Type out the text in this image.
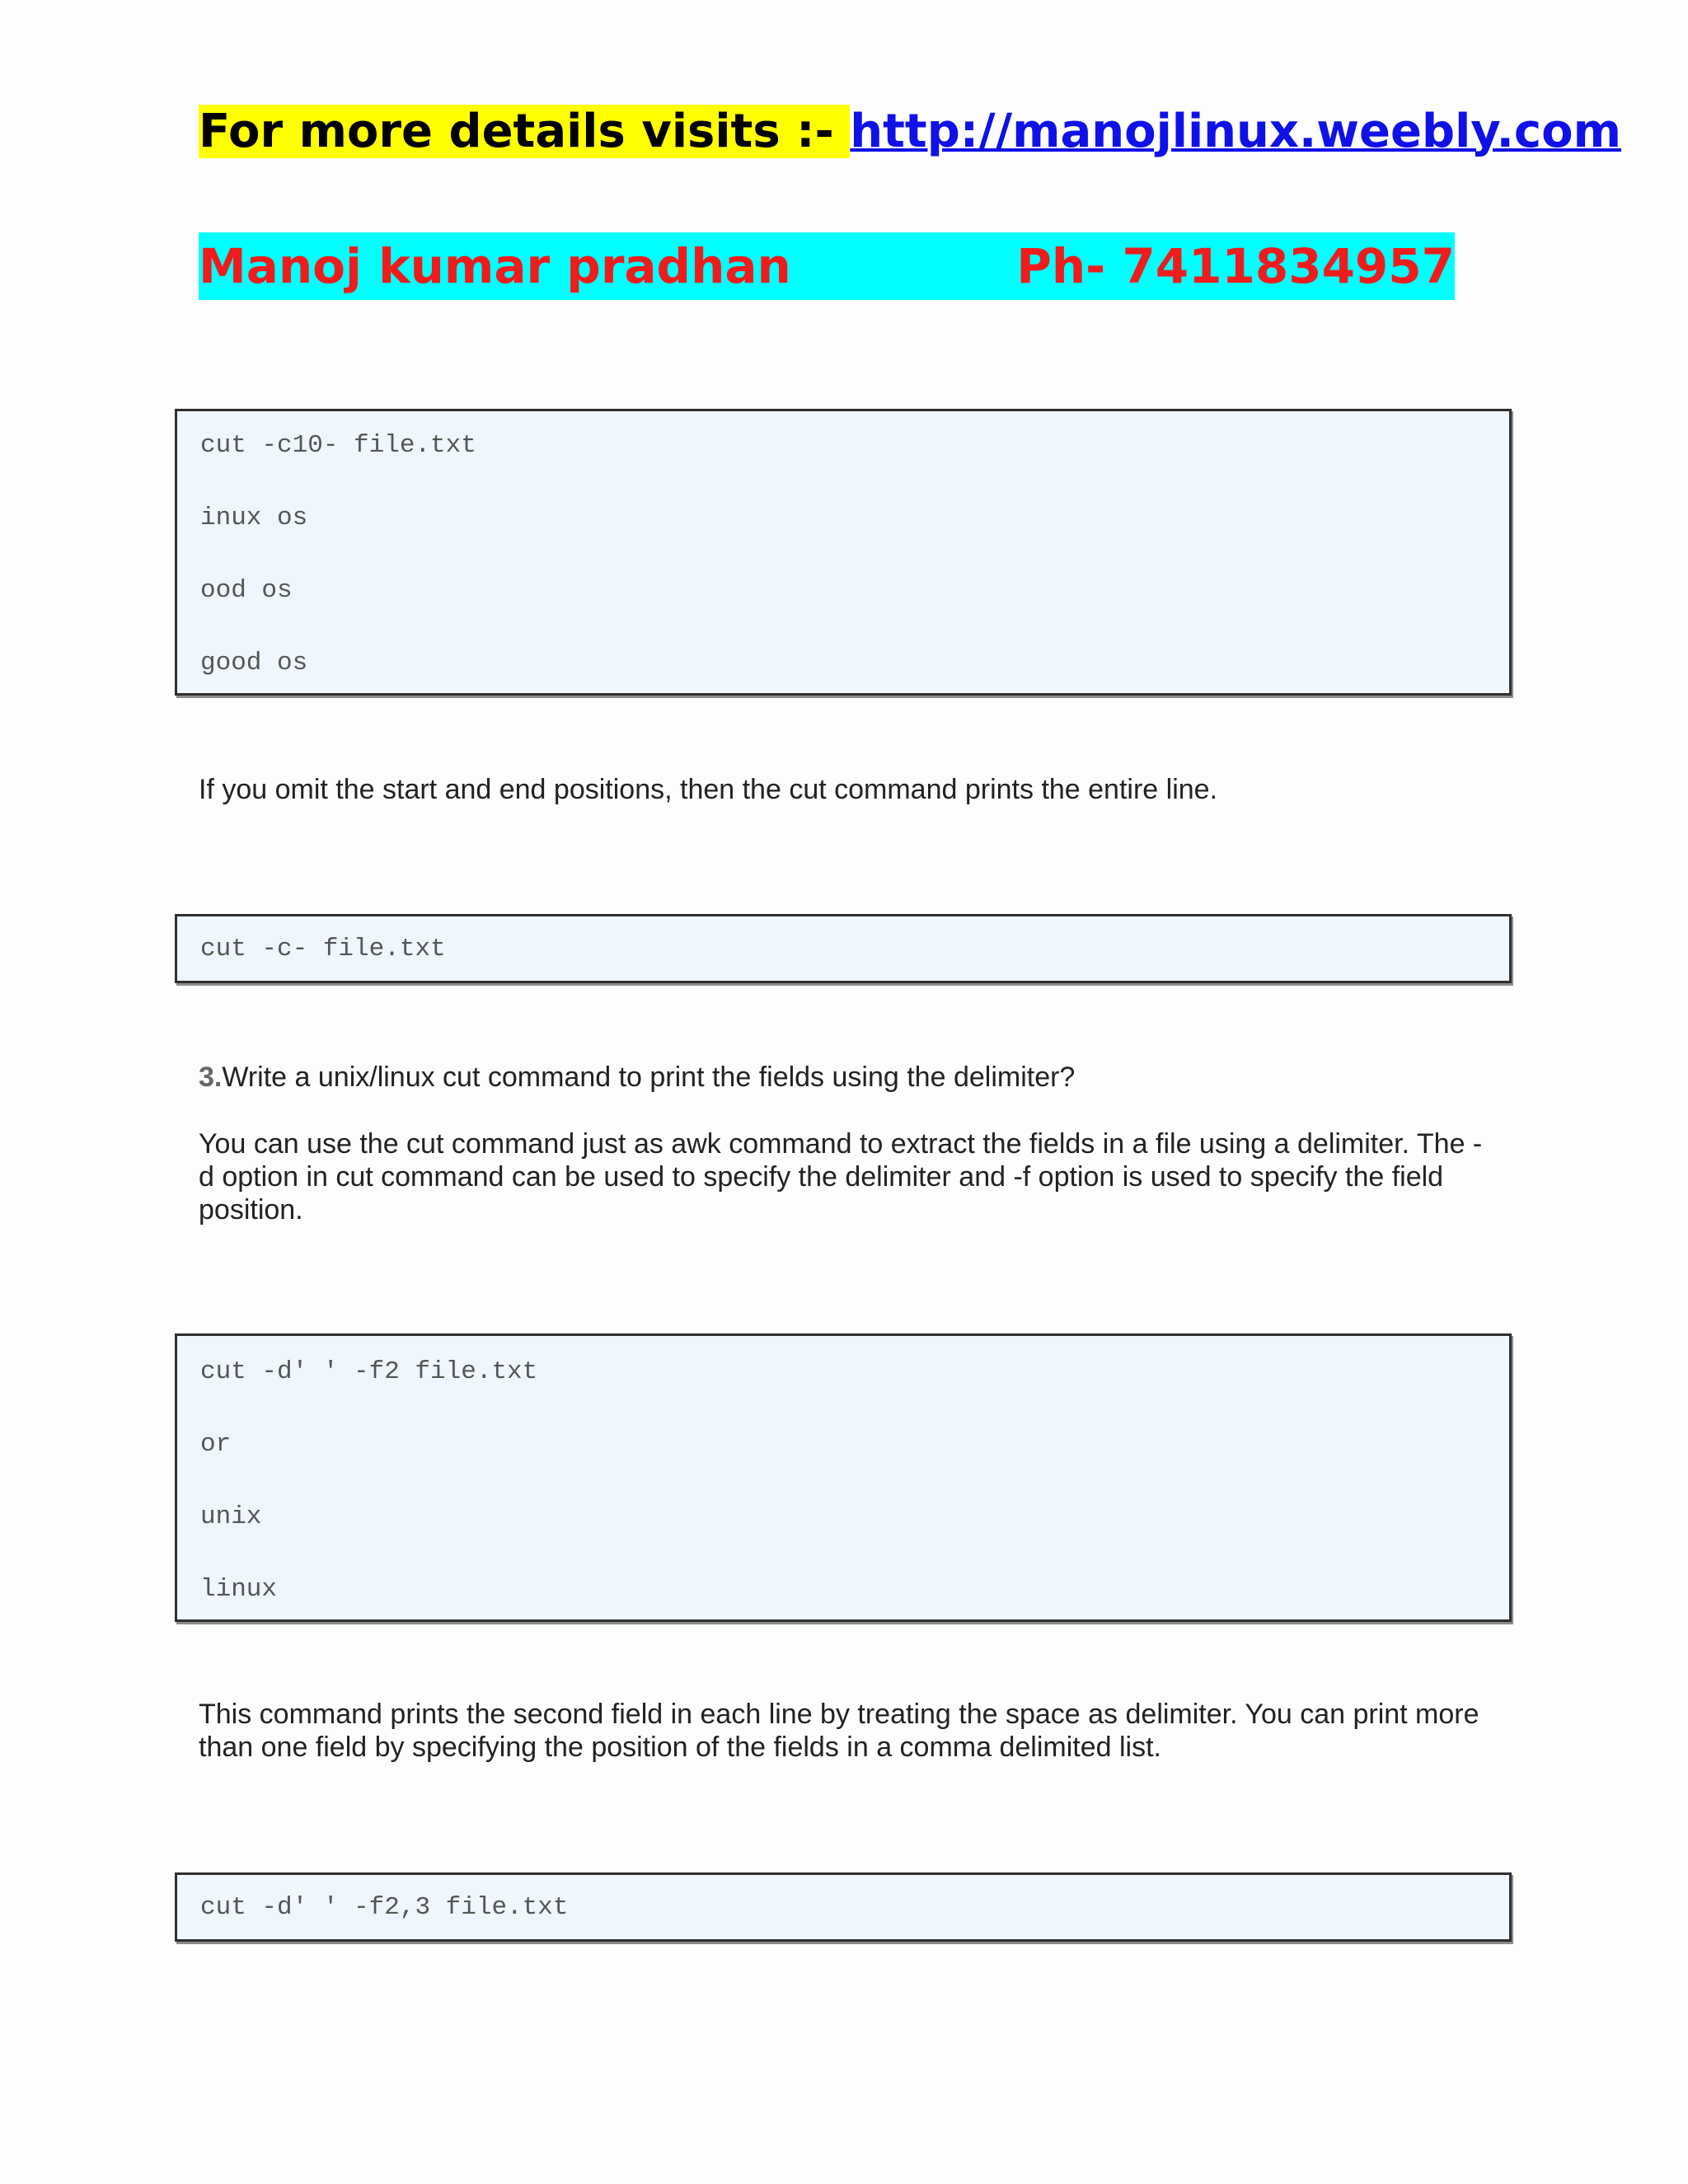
For more details visits :- http://manojlinux.weebly.com
Manoj kumar pradhan	Ph- 7411834957
cut -c10- file.txt
inux os
ood os
good os
If you omit the start and end positions, then the cut command prints the entire line.
cut -c- file.txt
3.Write a unix/linux cut command to print the fields using the delimiter?
You can use the cut command just as awk command to extract the fields in a file using a delimiter. The -d option in cut command can be used to specify the delimiter and -f option is used to specify the field position.
cut -d' ' -f2 file.txt
or
unix
linux
This command prints the second field in each line by treating the space as delimiter. You can print more than one field by specifying the position of the fields in a comma delimited list.
cut -d' ' -f2,3 file.txt
